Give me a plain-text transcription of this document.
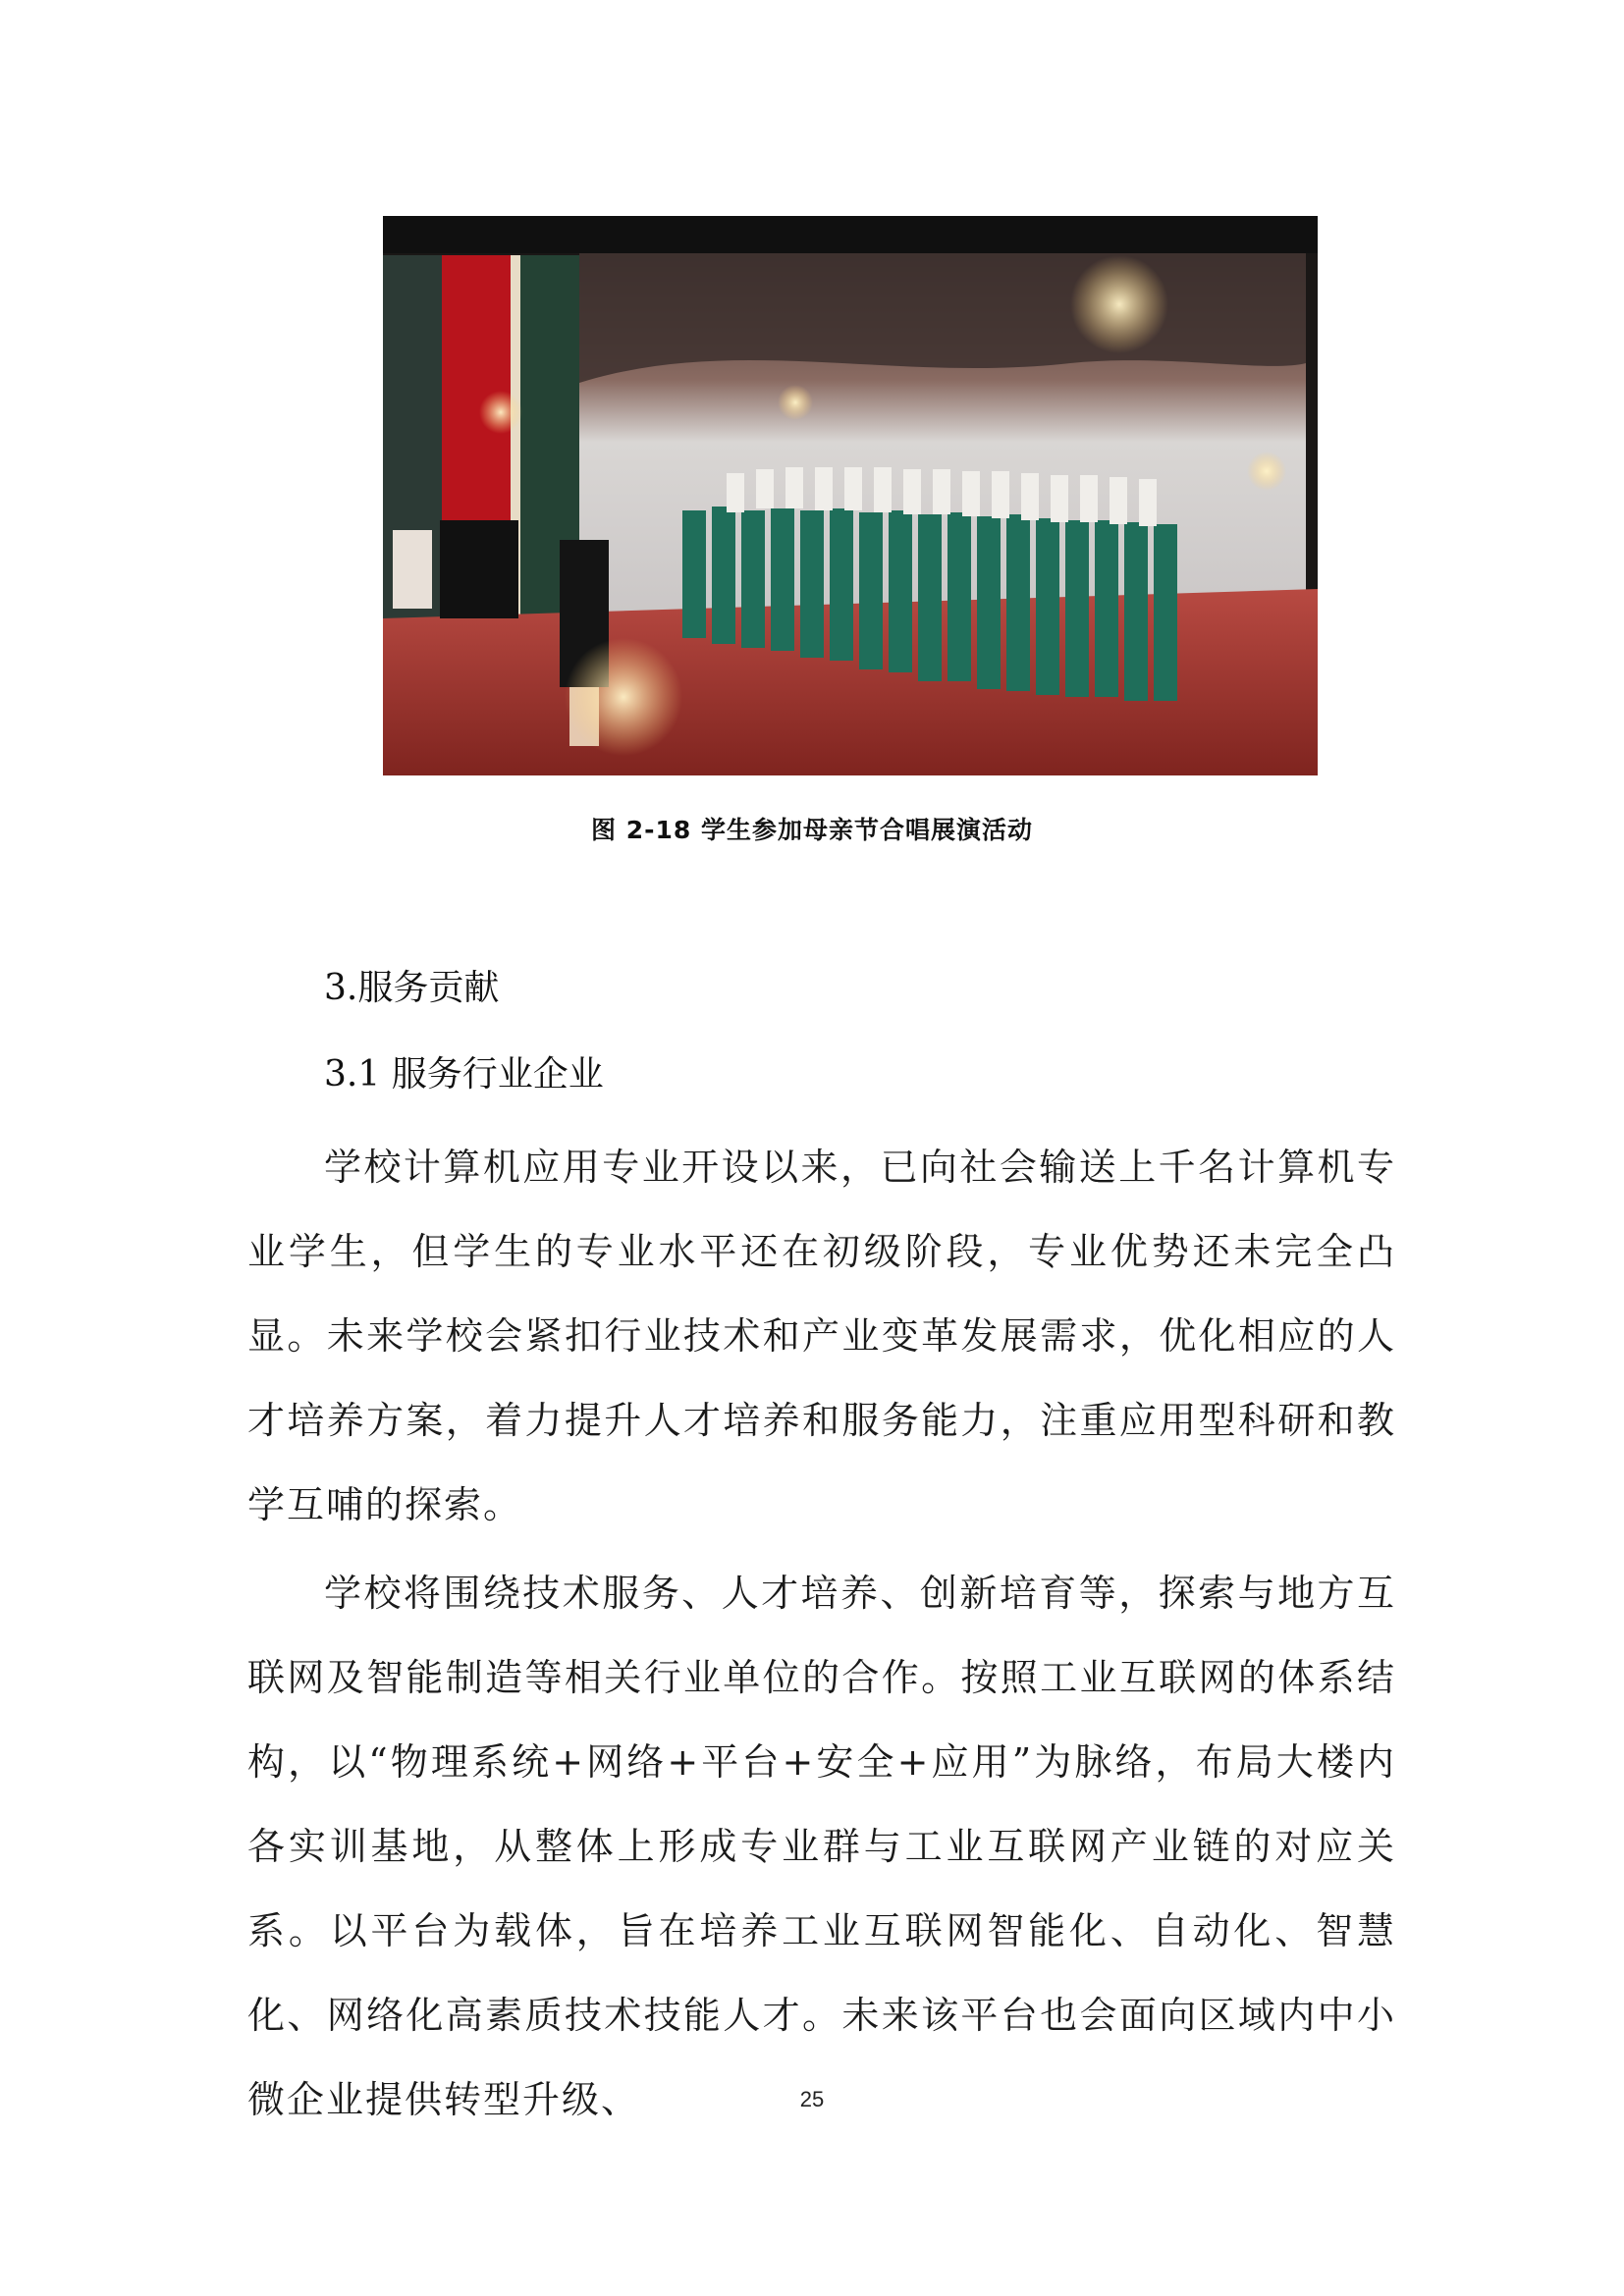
图 2-18 学生参加母亲节合唱展演活动
3.服务贡献
3.1 服务行业企业

学校计算机应用专业开设以来，已向社会输送上千名计算机专业学生，但学生的专业水平还在初级阶段，专业优势还未完全凸显。未来学校会紧扣行业技术和产业变革发展需求，优化相应的人才培养方案，着力提升人才培养和服务能力，注重应用型科研和教学互哺的探索。

学校将围绕技术服务、人才培养、创新培育等，探索与地方互联网及智能制造等相关行业单位的合作。按照工业互联网的体系结构，以“物理系统+网络+平台+安全+应用”为脉络，布局大楼内各实训基地，从整体上形成专业群与工业互联网产业链的对应关系。以平台为载体，旨在培养工业互联网智能化、自动化、智慧化、网络化高素质技术技能人才。未来该平台也会面向区域内中小微企业提供转型升级、	25
